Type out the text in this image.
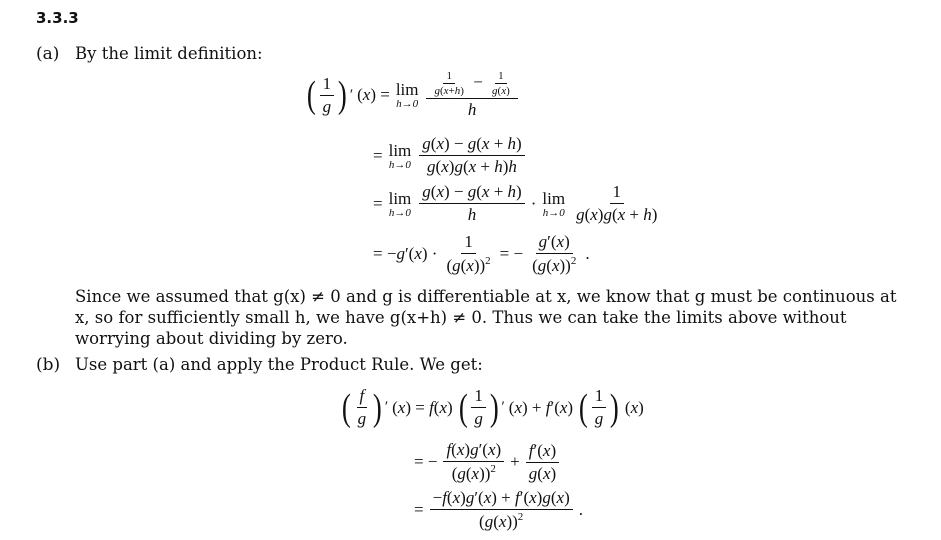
3.3.3
(a) By the limit definition:
( $\frac{1}{g}$ ) ′ (x) = lim
$h\to 0 \frac{\frac{1}{g(x+h)} - \frac{1}{g(x)}}{h}$
= lim
$h\to 0 \frac{g(x) - g(x + h)}{g(x)g(x + h)h}$
= lim
$h\to 0 \frac{g(x) - g(x + h)}{h} \cdot \lim$
$h\to 0 \frac{1}{g(x)g(x + h)}$
= $-g'(x) \cdot \frac{1}{(g(x))^2}$ = − $\frac{g'(x)}{(g(x))^2}$ .
Since we assumed that g(x) ≠ 0 and g is differentiable at x, we know that g must be continuous at x, so for sufficiently small h, we have g(x+h) ≠ 0. Thus we can take the limits above without worrying about dividing by zero.
(b) Use part (a) and apply the Product Rule. We get:
( $\frac{f}{g}$ ) ′ (x) = f(x) ( $\frac{1}{g}$ ) ′ (x) + f′(x) ( $\frac{1}{g}$ ) (x)
= − $\frac{f(x)g'(x)}{(g(x))^2} + \frac{f'(x)}{g(x)}$
= $\frac{-f(x)g'(x) + f'(x)g(x)}{(g(x))^2}$ .
